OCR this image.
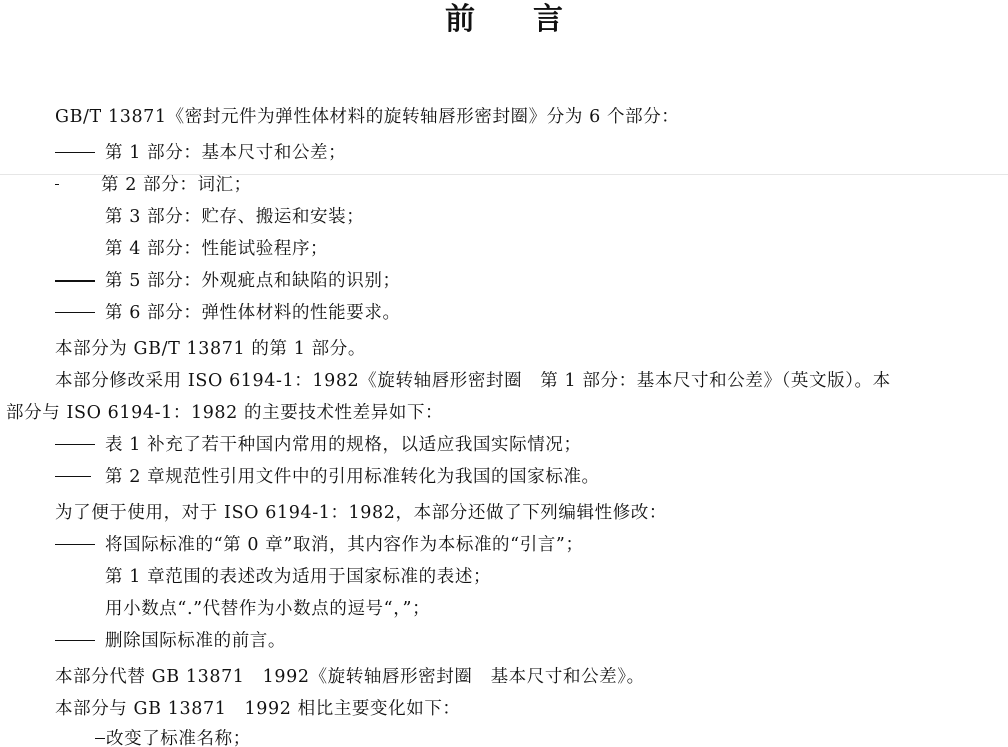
前言
GB/T 13871《密封元件为弹性体材料的旋转轴唇形密封圈》分为 6 个部分：
第 1 部分：基本尺寸和公差；
第 2 部分：词汇；
第 3 部分：贮存、搬运和安装；
第 4 部分：性能试验程序；
第 5 部分：外观疵点和缺陷的识别；
第 6 部分：弹性体材料的性能要求。
本部分为 GB/T 13871 的第 1 部分。
本部分修改采用 ISO 6194-1：1982《旋转轴唇形密封圈　第 1 部分：基本尺寸和公差》（英文版）。本
部分与 ISO 6194-1：1982 的主要技术性差异如下：
表 1 补充了若干种国内常用的规格，以适应我国实际情况；
第 2 章规范性引用文件中的引用标准转化为我国的国家标准。
为了便于使用，对于 ISO 6194-1：1982，本部分还做了下列编辑性修改：
将国际标准的“第 0 章”取消，其内容作为本标准的“引言”；
第 1 章范围的表述改为适用于国家标准的表述；
用小数点“.”代替作为小数点的逗号“，”；
删除国际标准的前言。
本部分代替 GB 13871　1992《旋转轴唇形密封圈　基本尺寸和公差》。
本部分与 GB 13871　1992 相比主要变化如下：
改变了标准名称；
